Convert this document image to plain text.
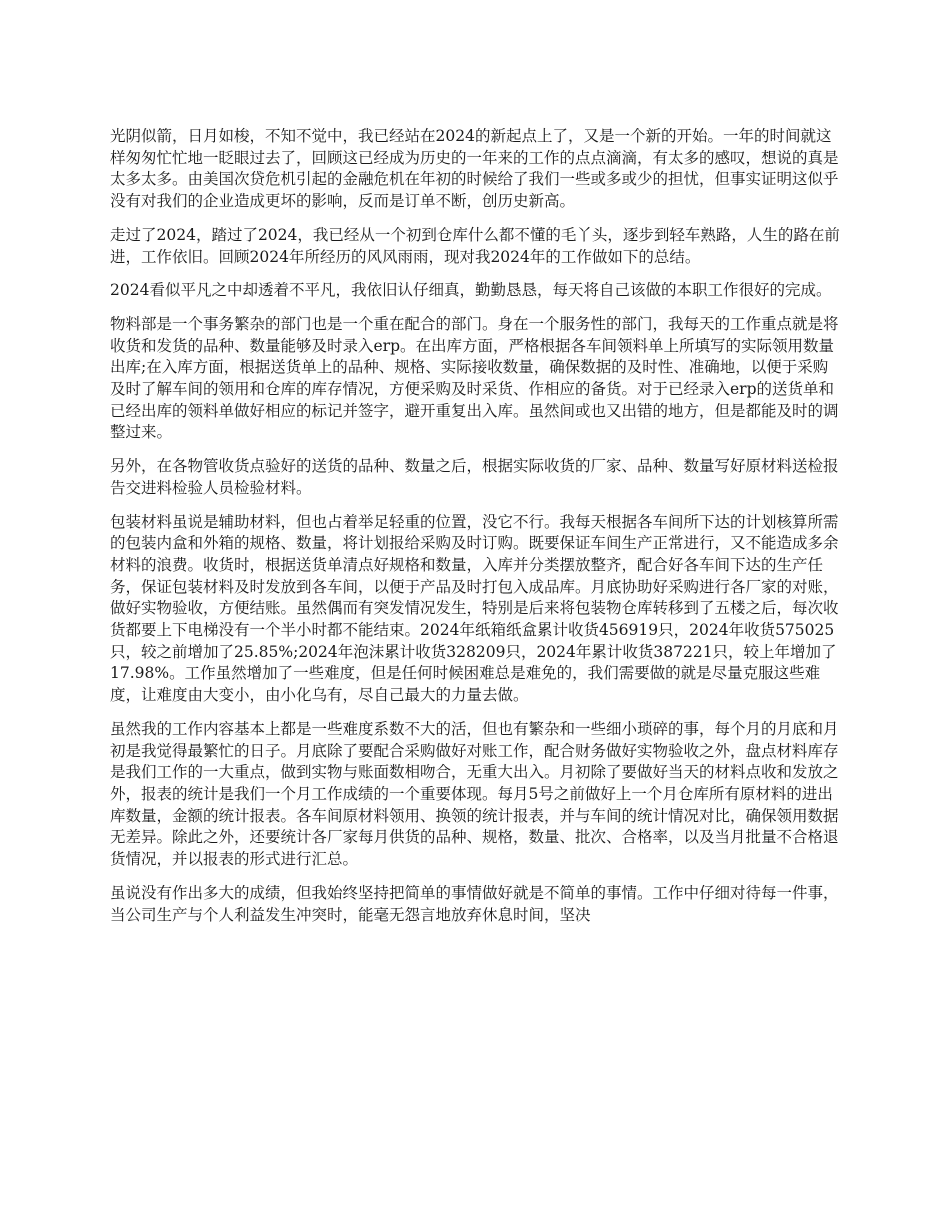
光阴似箭，日月如梭，不知不觉中，我已经站在2024的新起点上了，又是一个新的开始。一年的时间就这样匆匆忙忙地一眨眼过去了，回顾这已经成为历史的一年来的工作的点点滴滴，有太多的感叹，想说的真是太多太多。由美国次贷危机引起的金融危机在年初的时候给了我们一些或多或少的担忧，但事实证明这似乎没有对我们的企业造成更坏的影响，反而是订单不断，创历史新高。

走过了2024，踏过了2024，我已经从一个初到仓库什么都不懂的毛丫头，逐步到轻车熟路，人生的路在前进，工作依旧。回顾2024年所经历的风风雨雨，现对我2024年的工作做如下的总结。

2024看似平凡之中却透着不平凡，我依旧认仔细真，勤勤恳恳，每天将自己该做的本职工作很好的完成。

物料部是一个事务繁杂的部门也是一个重在配合的部门。身在一个服务性的部门，我每天的工作重点就是将收货和发货的品种、数量能够及时录入erp。在出库方面，严格根据各车间领料单上所填写的实际领用数量出库;在入库方面，根据送货单上的品种、规格、实际接收数量，确保数据的及时性、准确地，以便于采购及时了解车间的领用和仓库的库存情况，方便采购及时采货、作相应的备货。对于已经录入erp的送货单和已经出库的领料单做好相应的标记并签字，避开重复出入库。虽然间或也又出错的地方，但是都能及时的调整过来。

另外，在各物管收货点验好的送货的品种、数量之后，根据实际收货的厂家、品种、数量写好原材料送检报告交进料检验人员检验材料。

包装材料虽说是辅助材料，但也占着举足轻重的位置，没它不行。我每天根据各车间所下达的计划核算所需的包装内盒和外箱的规格、数量，将计划报给采购及时订购。既要保证车间生产正常进行，又不能造成多余材料的浪费。收货时，根据送货单清点好规格和数量，入库并分类摆放整齐，配合好各车间下达的生产任务，保证包装材料及时发放到各车间，以便于产品及时打包入成品库。月底协助好采购进行各厂家的对账，做好实物验收，方便结账。虽然偶而有突发情况发生，特别是后来将包装物仓库转移到了五楼之后，每次收货都要上下电梯没有一个半小时都不能结束。2024年纸箱纸盒累计收货456919只，2024年收货575025只，较之前增加了25.85%;2024年泡沫累计收货328209只，2024年累计收货387221只，较上年增加了17.98%。工作虽然增加了一些难度，但是任何时候困难总是难免的，我们需要做的就是尽量克服这些难度，让难度由大变小，由小化乌有，尽自己最大的力量去做。

虽然我的工作内容基本上都是一些难度系数不大的活，但也有繁杂和一些细小琐碎的事，每个月的月底和月初是我觉得最繁忙的日子。月底除了要配合采购做好对账工作，配合财务做好实物验收之外，盘点材料库存是我们工作的一大重点，做到实物与账面数相吻合，无重大出入。月初除了要做好当天的材料点收和发放之外，报表的统计是我们一个月工作成绩的一个重要体现。每月5号之前做好上一个月仓库所有原材料的进出库数量，金额的统计报表。各车间原材料领用、换领的统计报表，并与车间的统计情况对比，确保领用数据无差异。除此之外，还要统计各厂家每月供货的品种、规格，数量、批次、合格率，以及当月批量不合格退货情况，并以报表的形式进行汇总。

虽说没有作出多大的成绩，但我始终坚持把简单的事情做好就是不简单的事情。工作中仔细对待每一件事，当公司生产与个人利益发生冲突时，能毫无怨言地放弃休息时间，坚决
